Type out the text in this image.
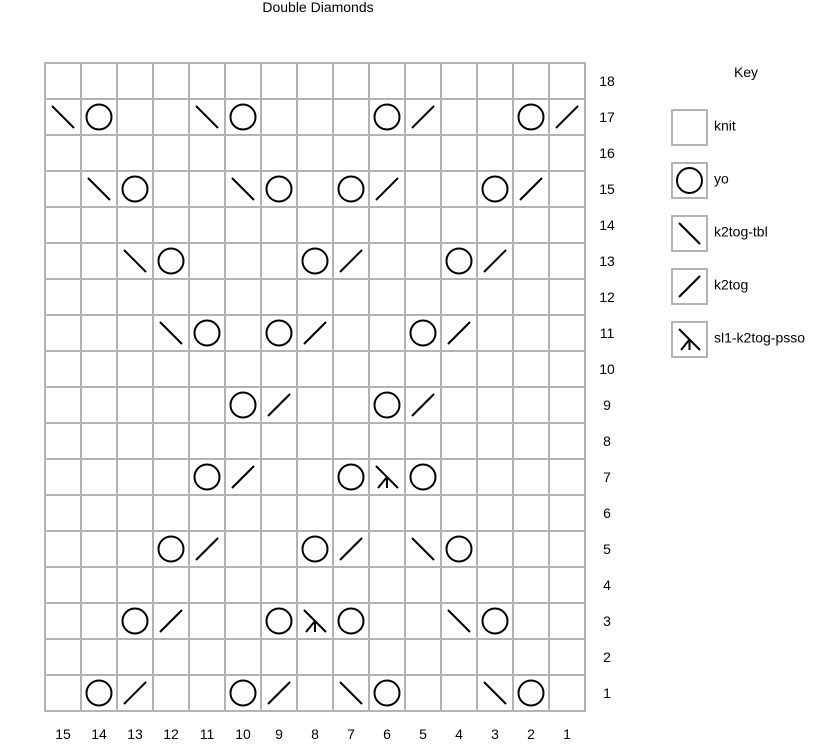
Double Diamonds
18
17
16
15
14
13
12
11
10
9
8
7
6
5
4
3
2
1
15 14 13 12 11 10 9 8 7 6 5 4 3 2 1
Key
knit
yo
k2tog-tbl
k2tog
sl1-k2tog-psso
